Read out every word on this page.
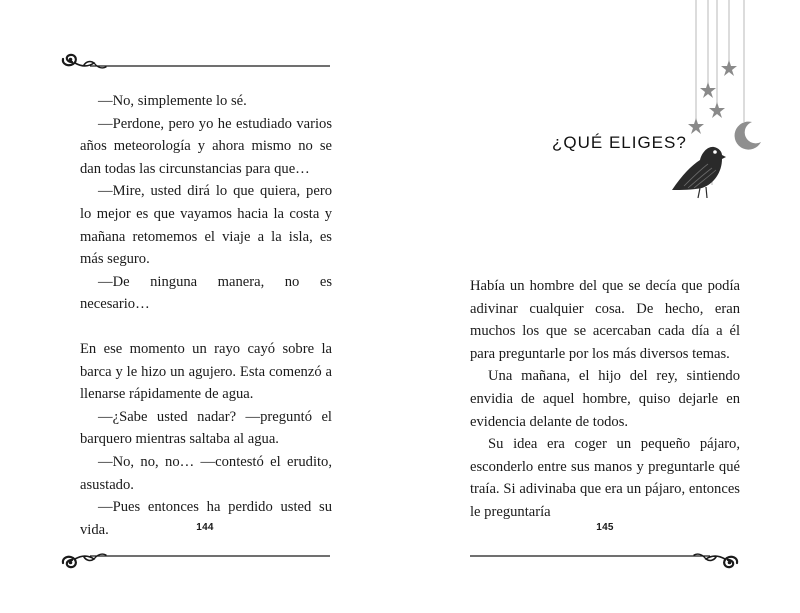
—No, simplemente lo sé.

—Perdone, pero yo he estudiado varios años meteorología y ahora mismo no se dan todas las circunstancias para que…

—Mire, usted dirá lo que quiera, pero lo mejor es que vayamos hacia la costa y mañana retomemos el viaje a la isla, es más seguro.

—De ninguna manera, no es necesario…

En ese momento un rayo cayó sobre la barca y le hizo un agujero. Esta comenzó a llenarse rápidamente de agua.

—¿Sabe usted nadar? —preguntó el barquero mientras saltaba al agua.

—No, no, no… —contestó el erudito, asustado.

—Pues entonces ha perdido usted su vida.	144
¿QUÉ ELIGES?

Había un hombre del que se decía que podía adivinar cualquier cosa. De hecho, eran muchos los que se acercaban cada día a él para preguntarle por los más diversos temas.

Una mañana, el hijo del rey, sintiendo envidia de aquel hombre, quiso dejarle en evidencia delante de todos.

Su idea era coger un pequeño pájaro, esconderlo entre sus manos y preguntarle qué traía. Si adivinaba que era un pájaro, entonces le preguntaría

145
